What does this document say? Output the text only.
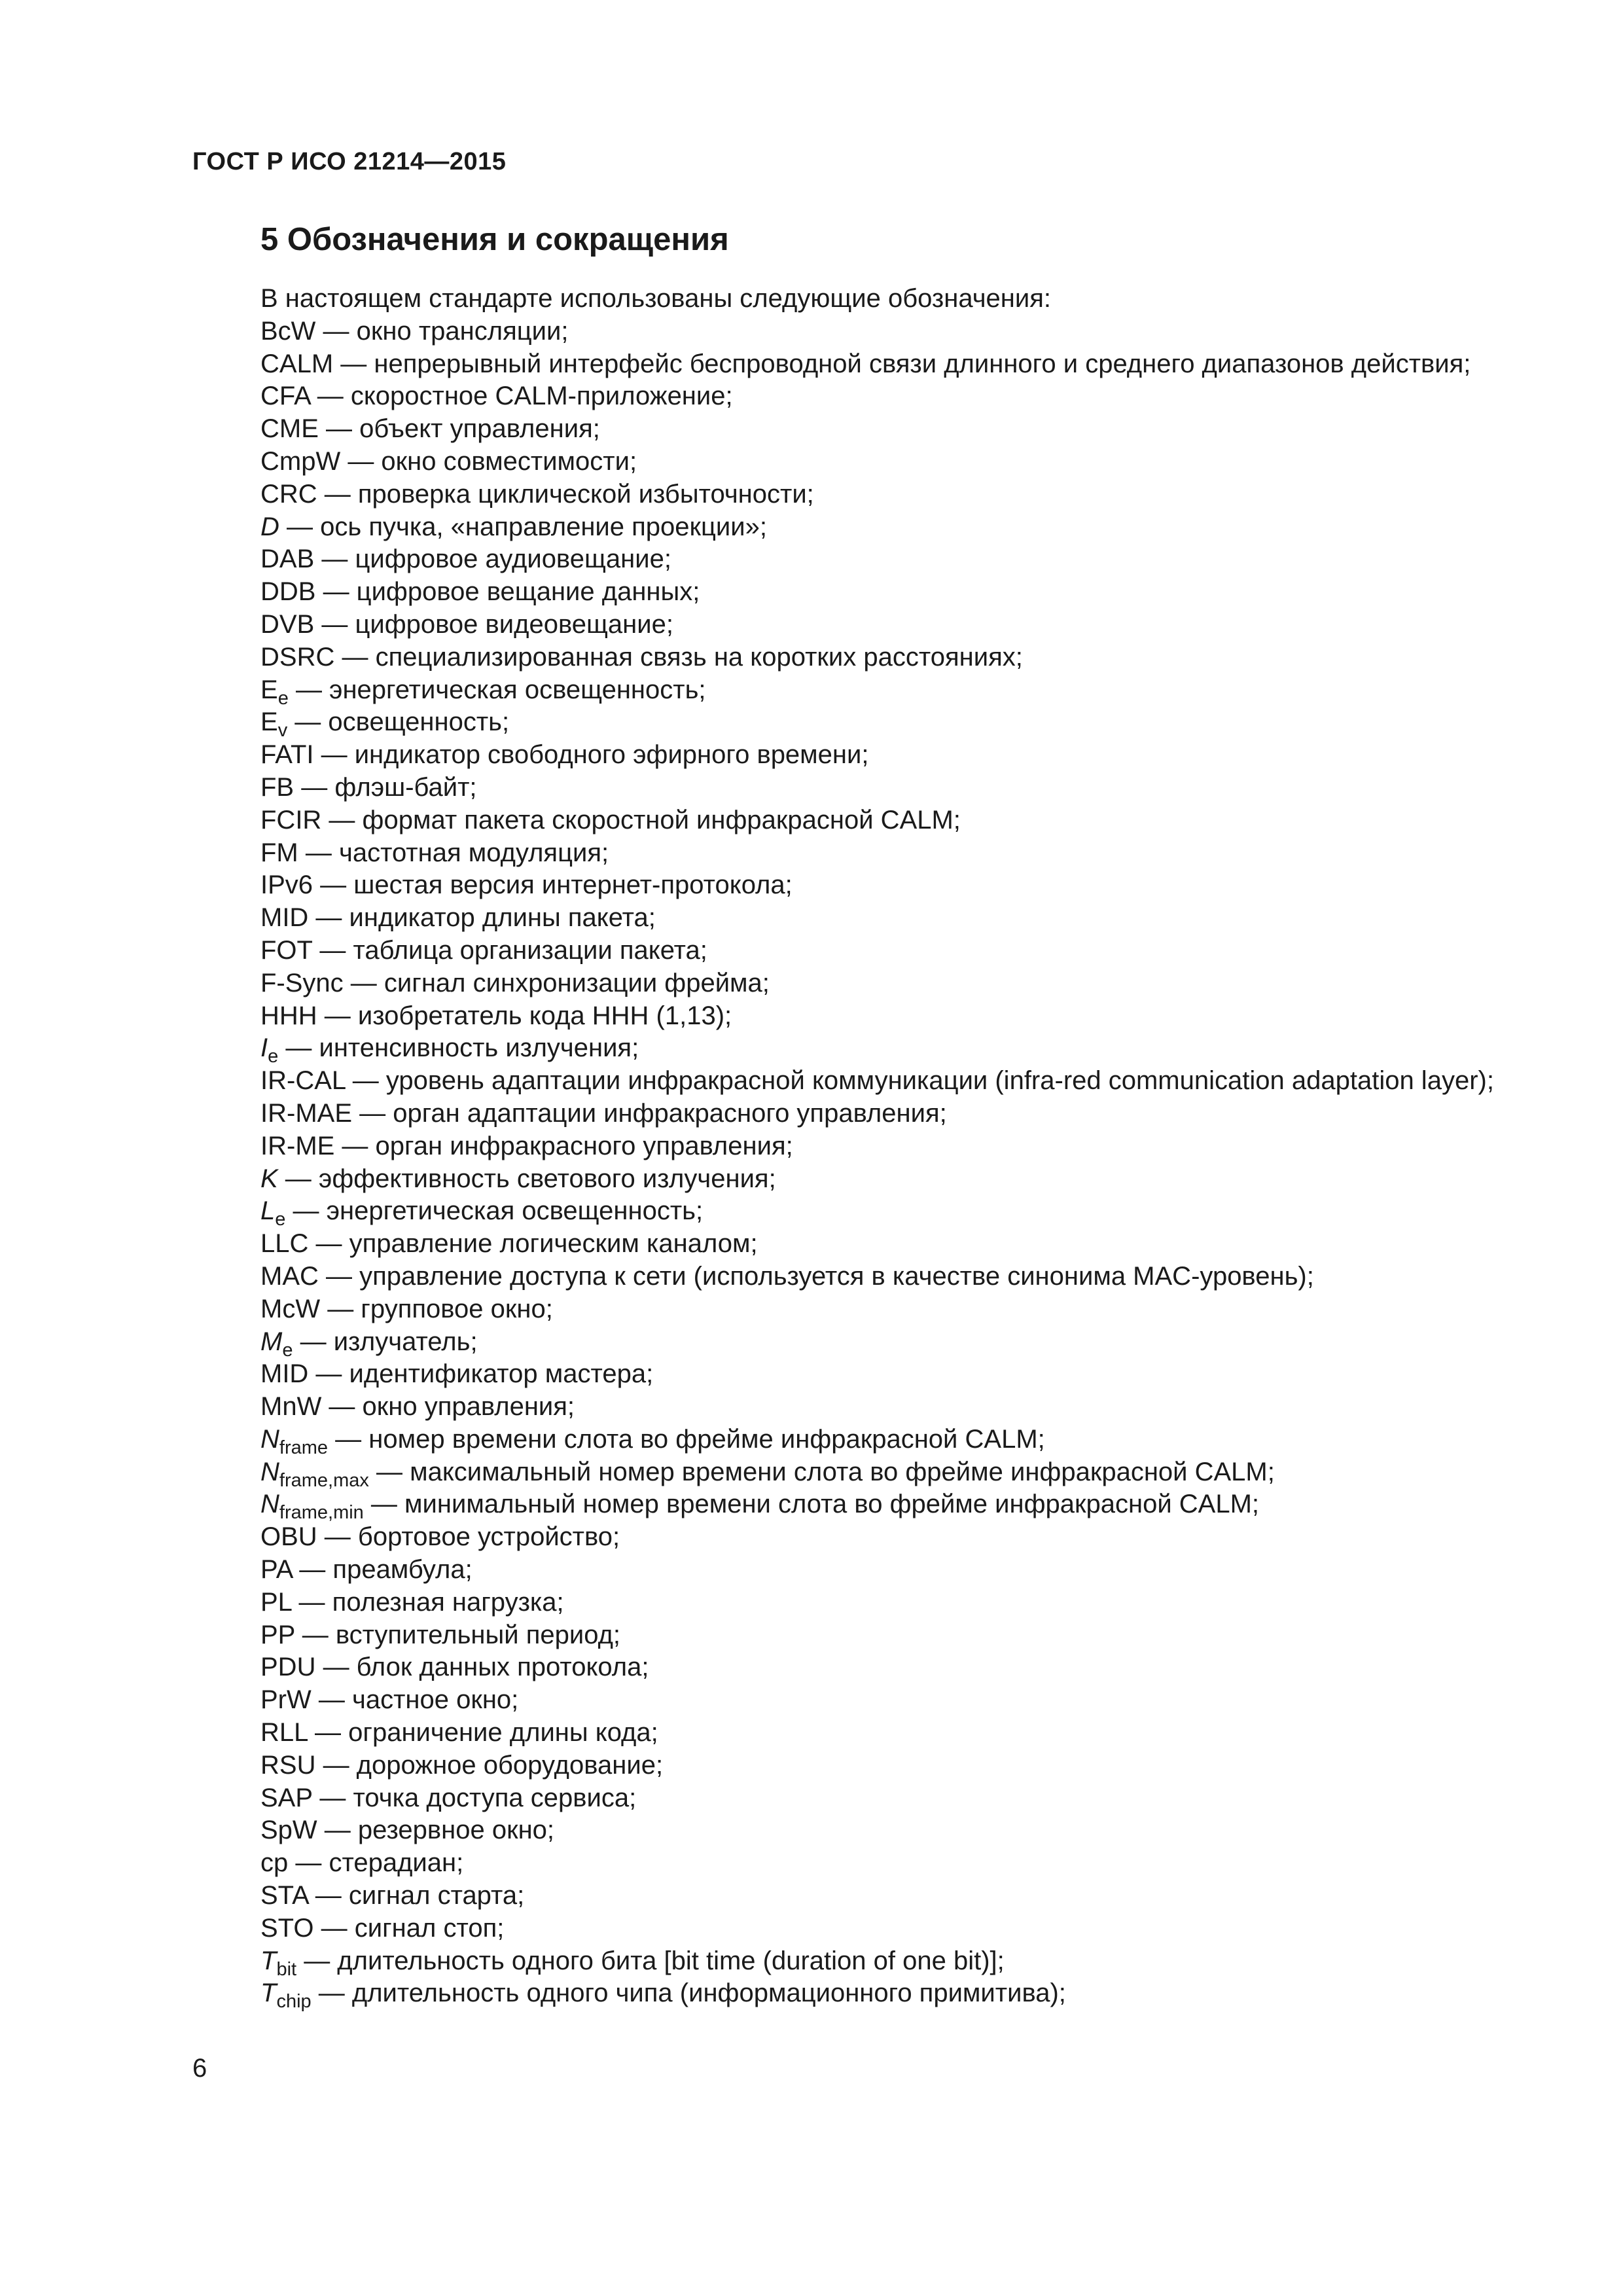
ГОСТ Р ИСО 21214—2015
5 Обозначения и сокращения
В настоящем стандарте использованы следующие обозначения:
BcW — окно трансляции;
CALM — непрерывный интерфейс беспроводной связи длинного и среднего диапазонов действия;
CFA — скоростное CALM-приложение;
CME — объект управления;
CmpW — окно совместимости;
CRC — проверка циклической избыточности;
D — ось пучка, «направление проекции»;
DAB — цифровое аудиовещание;
DDB — цифровое вещание данных;
DVB — цифровое видеовещание;
DSRC — специализированная связь на коротких расстояниях;
$E_e$ — энергетическая освещенность;
$E_v$ — освещенность;
FATI — индикатор свободного эфирного времени;
FB — флэш-байт;
FCIR — формат пакета скоростной инфракрасной CALM;
FM — частотная модуляция;
IPv6 — шестая версия интернет-протокола;
MID — индикатор длины пакета;
FOT — таблица организации пакета;
F-Sync — сигнал синхронизации фрейма;
HHH — изобретатель кода HHH (1,13);
$I_e$ — интенсивность излучения;
IR-CAL — уровень адаптации инфракрасной коммуникации (infra-red communication adaptation layer);
IR-MAE — орган адаптации инфракрасного управления;
IR-ME — орган инфракрасного управления;
K — эффективность светового излучения;
$L_e$ — энергетическая освещенность;
LLC — управление логическим каналом;
MAC — управление доступа к сети (используется в качестве синонима MAC-уровень);
McW — групповое окно;
$M_e$ — излучатель;
MID — идентификатор мастера;
MnW — окно управления;
$N_{frame}$ — номер времени слота во фрейме инфракрасной CALM;
$N_{frame,max}$ — максимальный номер времени слота во фрейме инфракрасной CALM;
$N_{frame,min}$ — минимальный номер времени слота во фрейме инфракрасной CALM;
OBU — бортовое устройство;
PA — преамбула;
PL — полезная нагрузка;
PP — вступительный период;
PDU — блок данных протокола;
PrW — частное окно;
RLL — ограничение длины кода;
RSU — дорожное оборудование;
SAP — точка доступа сервиса;
SpW — резервное окно;
ср — стерадиан;
STA — сигнал старта;
STO — сигнал стоп;
$T_{bit}$ — длительность одного бита [bit time (duration of one bit)];
$T_{chip}$ — длительность одного чипа (информационного примитива);
6
